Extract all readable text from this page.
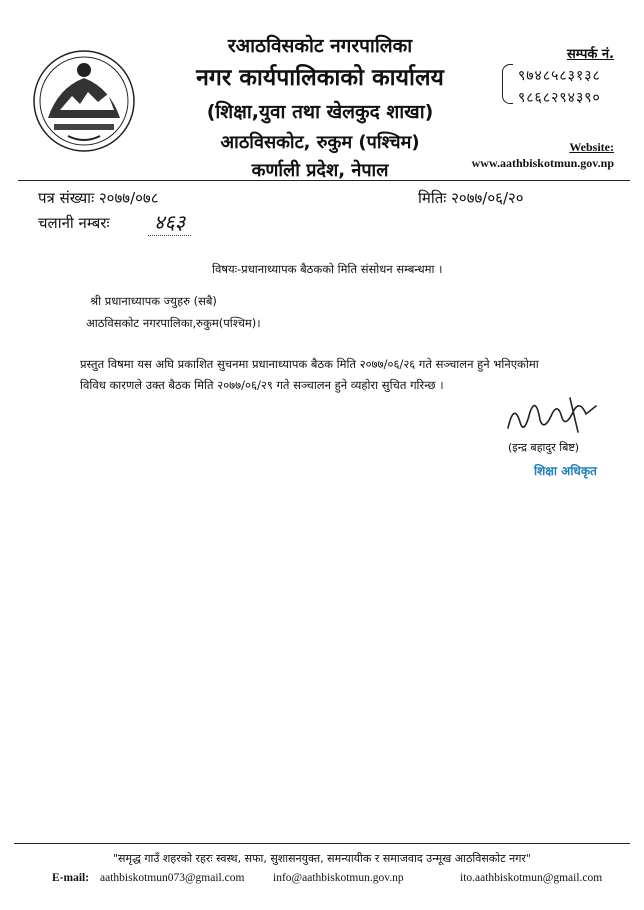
रआठविसकोट नगरपालिका
नगर कार्यपालिकाको कार्यालय
(शिक्षा,युवा तथा खेलकुद शाखा)
आठविसकोट, रुकुम (पश्चिम)
कर्णाली प्रदेश, नेपाल
सम्पर्क नं.
९७४८५८३१३८
९८६८२९४३९०
Website:
www.aathbiskotmun.gov.np
पत्र संख्याः २०७७/०७८
चलानी नम्बरः	४६३
मितिः २०७७/०६/२०
विषयः-प्रधानाध्यापक बैठकको मिति संसोधन सम्बन्धमा ।
श्री प्रधानाध्यापक ज्युहरु (सबै)
आठविसकोट नगरपालिका,रुकुम(पश्चिम)।
प्रस्तुत विषमा यस अघि प्रकाशित सुचनमा प्रधानाध्यापक बैठक मिति २०७७/०६/२६ गते सञ्चालन हुने भनिएकोमा
विविध कारणले उक्त बैठक मिति २०७७/०६/२९ गते सञ्चालन हुने व्यहोरा सुचित गरिन्छ ।
(इन्द्र बहादुर बिष्ट)
शिक्षा अधिकृत
"समृद्ध गाउँ शहरको रहरः स्वस्थ, सफा, सुशासनयुक्त, समन्यायीक र समाजवाद उन्मूख आठविसकोट नगर"
E-mail: aathbiskotmun073@gmail.com info@aathbiskotmun.gov.np	ito.aathbiskotmun@gmail.com
